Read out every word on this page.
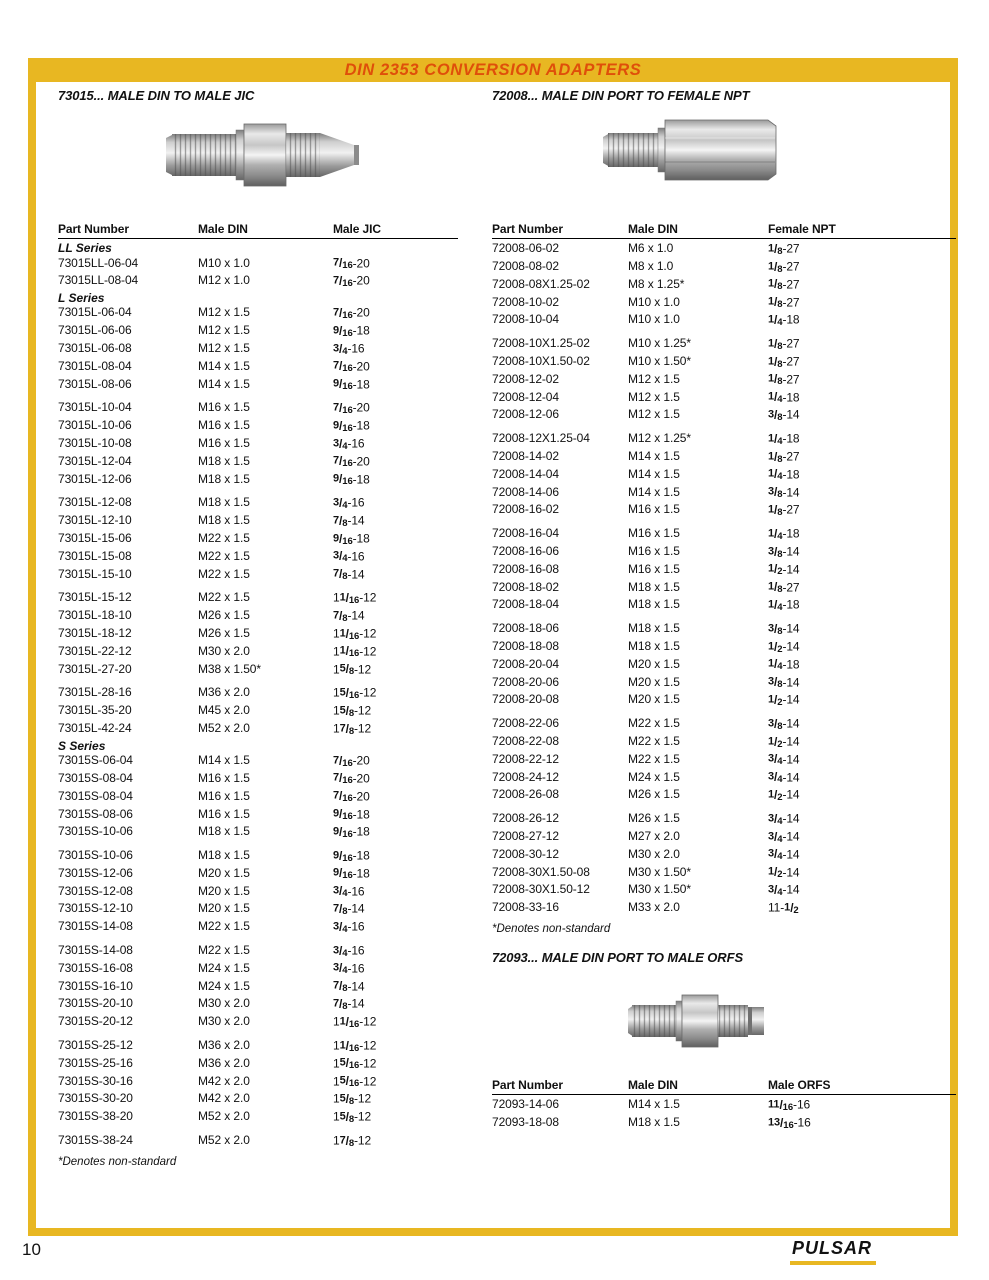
DIN 2353 CONVERSION ADAPTERS
73015... MALE DIN TO MALE JIC
Part Number	Male DIN	Male JIC
LL Series
73015LL-06-04	M10 x 1.0	7/16-20
73015LL-08-04	M12 x 1.0	7/16-20
L Series
73015L-06-04	M12 x 1.5	7/16-20
73015L-06-06	M12 x 1.5	9/16-18
73015L-06-08	M12 x 1.5	3/4-16
73015L-08-04	M14 x 1.5	7/16-20
73015L-08-06	M14 x 1.5	9/16-18
73015L-10-04	M16 x 1.5	7/16-20
73015L-10-06	M16 x 1.5	9/16-18
73015L-10-08	M16 x 1.5	3/4-16
73015L-12-04	M18 x 1.5	7/16-20
73015L-12-06	M18 x 1.5	9/16-18
73015L-12-08	M18 x 1.5	3/4-16
73015L-12-10	M18 x 1.5	7/8-14
73015L-15-06	M22 x 1.5	9/16-18
73015L-15-08	M22 x 1.5	3/4-16
73015L-15-10	M22 x 1.5	7/8-14
73015L-15-12	M22 x 1.5	11/16-12
73015L-18-10	M26 x 1.5	7/8-14
73015L-18-12	M26 x 1.5	11/16-12
73015L-22-12	M30 x 2.0	11/16-12
73015L-27-20	M38 x 1.50*	15/8-12
73015L-28-16	M36 x 2.0	15/16-12
73015L-35-20	M45 x 2.0	15/8-12
73015L-42-24	M52 x 2.0	17/8-12
S Series
73015S-06-04	M14 x 1.5	7/16-20
73015S-08-04	M16 x 1.5	7/16-20
73015S-08-04	M16 x 1.5	7/16-20
73015S-08-06	M16 x 1.5	9/16-18
73015S-10-06	M18 x 1.5	9/16-18
73015S-10-06	M18 x 1.5	9/16-18
73015S-12-06	M20 x 1.5	9/16-18
73015S-12-08	M20 x 1.5	3/4-16
73015S-12-10	M20 x 1.5	7/8-14
73015S-14-08	M22 x 1.5	3/4-16
73015S-14-08	M22 x 1.5	3/4-16
73015S-16-08	M24 x 1.5	3/4-16
73015S-16-10	M24 x 1.5	7/8-14
73015S-20-10	M30 x 2.0	7/8-14
73015S-20-12	M30 x 2.0	11/16-12
73015S-25-12	M36 x 2.0	11/16-12
73015S-25-16	M36 x 2.0	15/16-12
73015S-30-16	M42 x 2.0	15/16-12
73015S-30-20	M42 x 2.0	15/8-12
73015S-38-20	M52 x 2.0	15/8-12
73015S-38-24	M52 x 2.0	17/8-12
*Denotes non-standard
72008... MALE DIN PORT TO FEMALE NPT
Part Number	Male DIN	Female NPT
72008-06-02	M6 x 1.0	1/8-27
72008-08-02	M8 x 1.0	1/8-27
72008-08X1.25-02	M8 x 1.25*	1/8-27
72008-10-02	M10 x 1.0	1/8-27
72008-10-04	M10 x 1.0	1/4-18
72008-10X1.25-02	M10 x 1.25*	1/8-27
72008-10X1.50-02	M10 x 1.50*	1/8-27
72008-12-02	M12 x 1.5	1/8-27
72008-12-04	M12 x 1.5	1/4-18
72008-12-06	M12 x 1.5	3/8-14
72008-12X1.25-04	M12 x 1.25*	1/4-18
72008-14-02	M14 x 1.5	1/8-27
72008-14-04	M14 x 1.5	1/4-18
72008-14-06	M14 x 1.5	3/8-14
72008-16-02	M16 x 1.5	1/8-27
72008-16-04	M16 x 1.5	1/4-18
72008-16-06	M16 x 1.5	3/8-14
72008-16-08	M16 x 1.5	1/2-14
72008-18-02	M18 x 1.5	1/8-27
72008-18-04	M18 x 1.5	1/4-18
72008-18-06	M18 x 1.5	3/8-14
72008-18-08	M18 x 1.5	1/2-14
72008-20-04	M20 x 1.5	1/4-18
72008-20-06	M20 x 1.5	3/8-14
72008-20-08	M20 x 1.5	1/2-14
72008-22-06	M22 x 1.5	3/8-14
72008-22-08	M22 x 1.5	1/2-14
72008-22-12	M22 x 1.5	3/4-14
72008-24-12	M24 x 1.5	3/4-14
72008-26-08	M26 x 1.5	1/2-14
72008-26-12	M26 x 1.5	3/4-14
72008-27-12	M27 x 2.0	3/4-14
72008-30-12	M30 x 2.0	3/4-14
72008-30X1.50-08	M30 x 1.50*	1/2-14
72008-30X1.50-12	M30 x 1.50*	3/4-14
72008-33-16	M33 x 2.0	11-1/2
*Denotes non-standard
72093... MALE DIN PORT TO MALE ORFS
Part Number	Male DIN	Male ORFS
72093-14-06	M14 x 1.5	11/16-16
72093-18-08	M18 x 1.5	13/16-16
10	PULSAR
